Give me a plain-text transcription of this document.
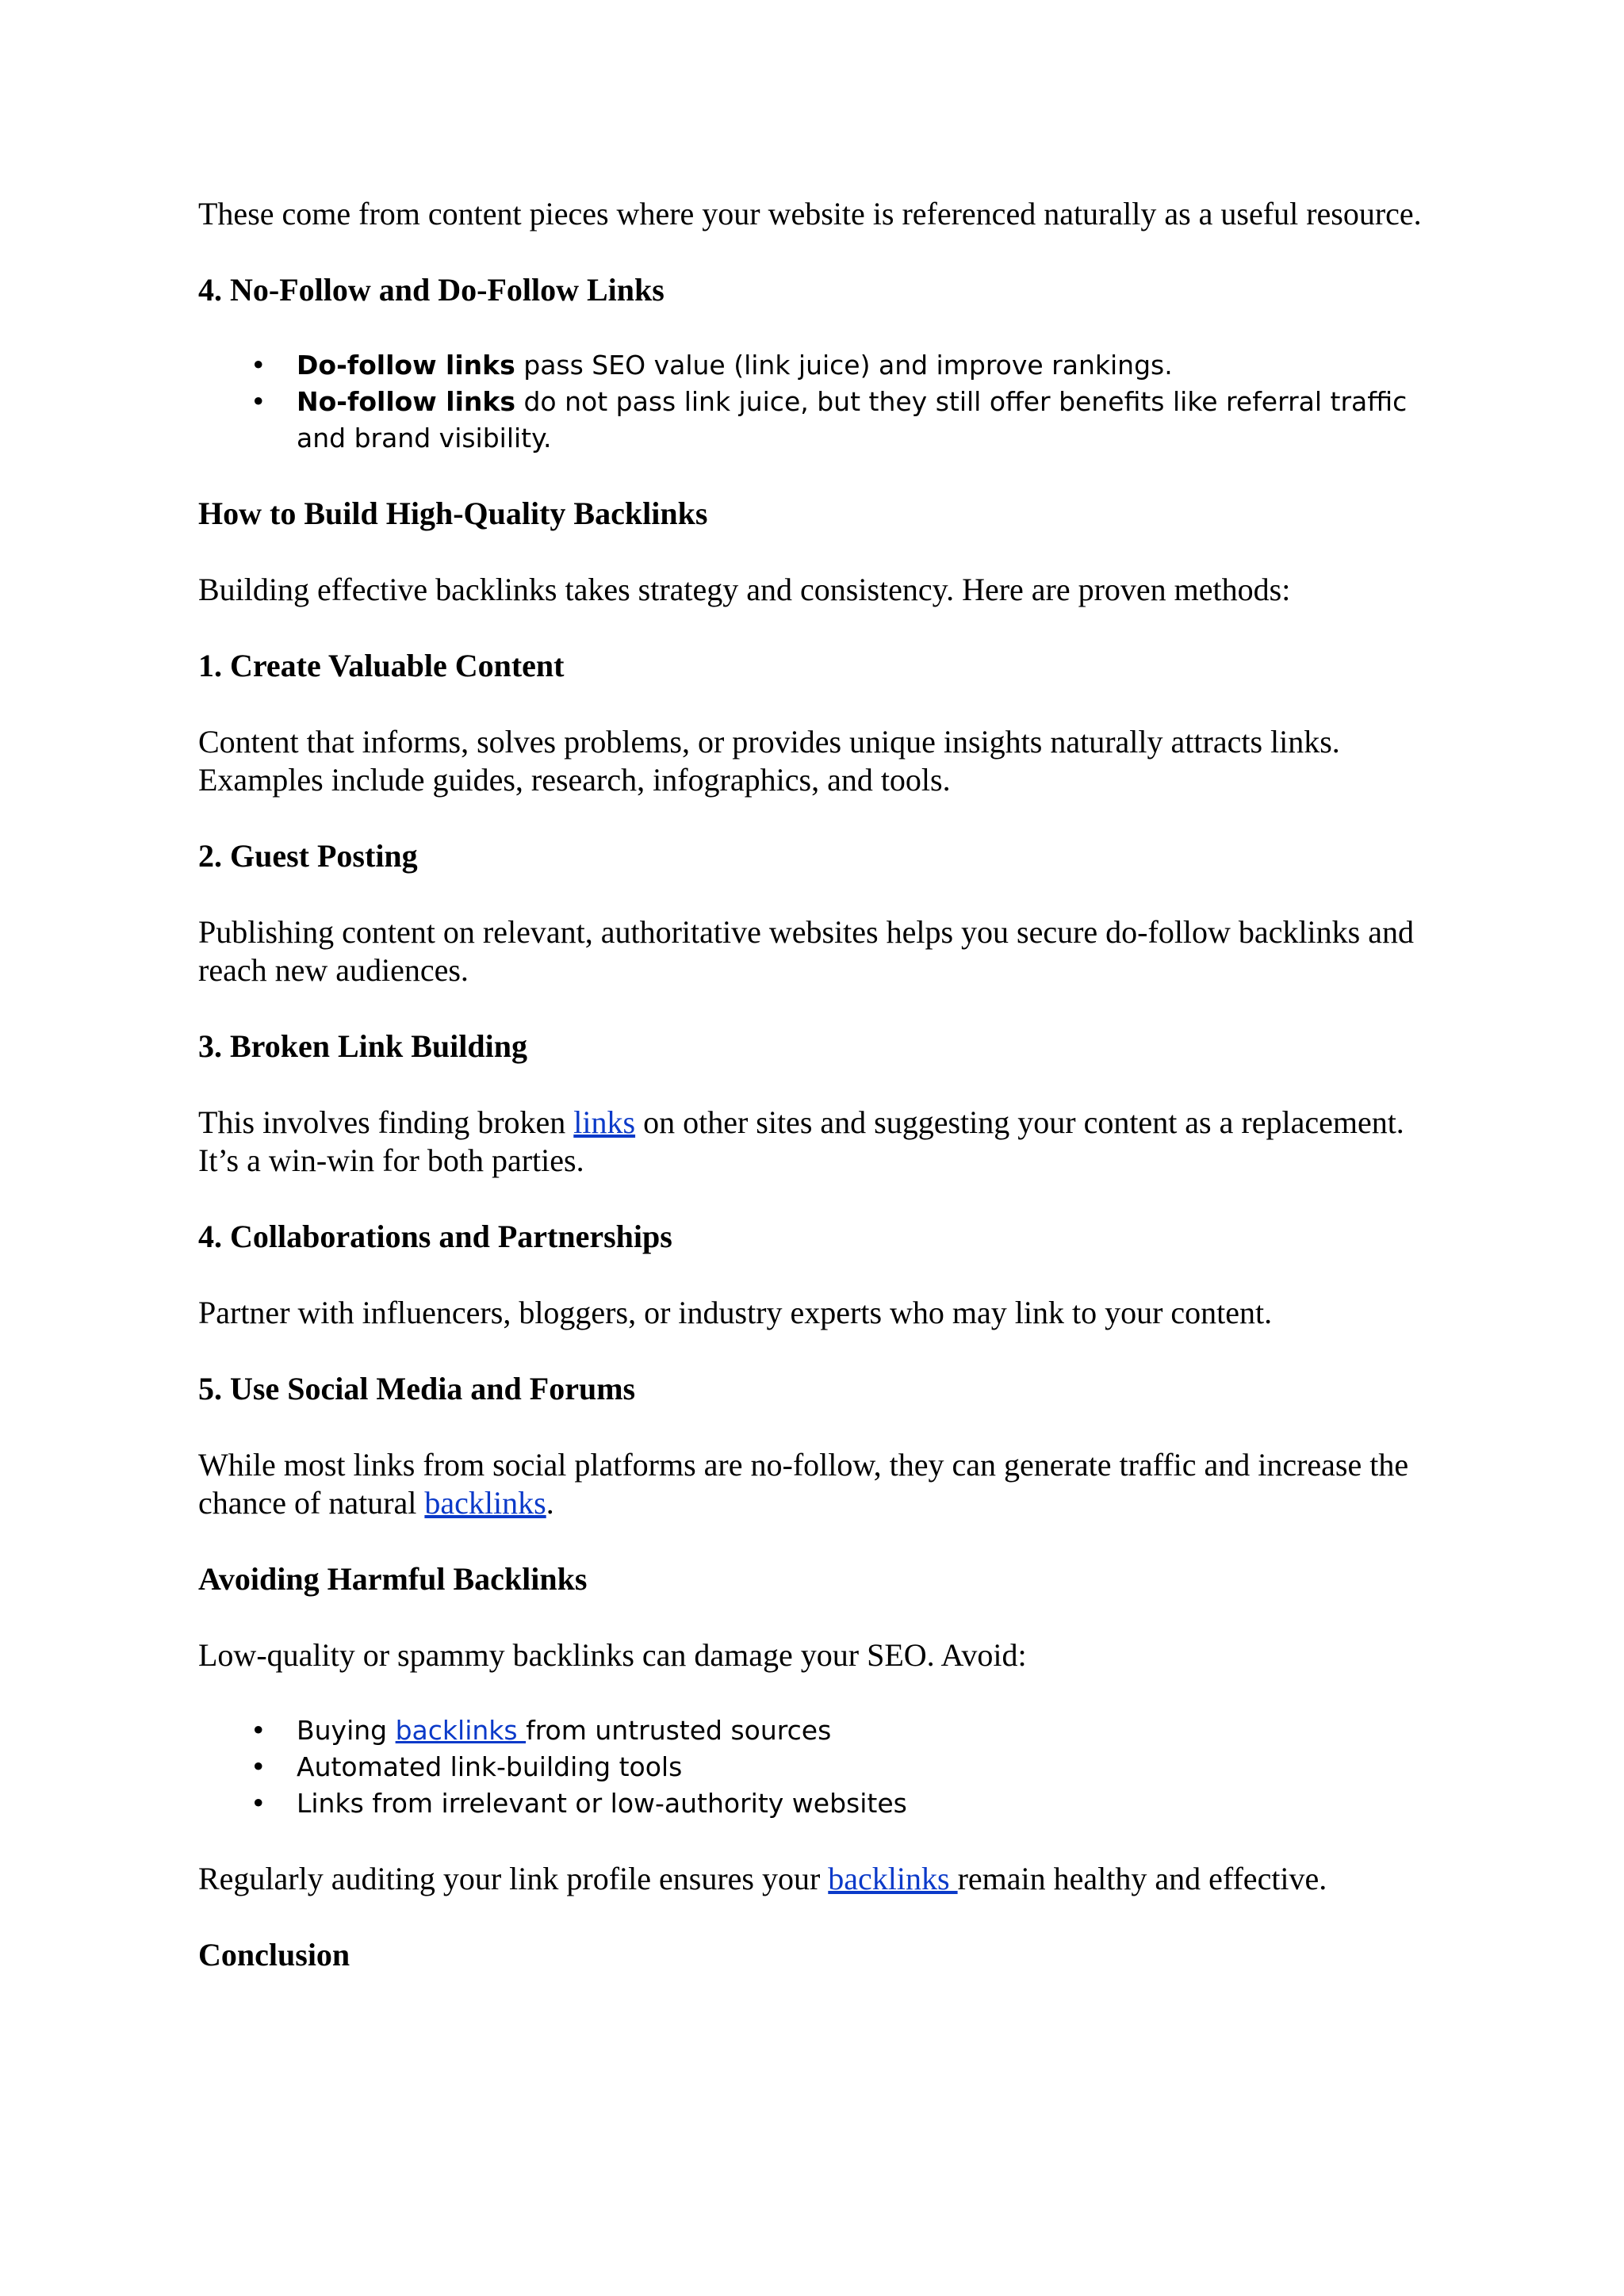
These come from content pieces where your website is referenced naturally as a useful resource.

4. No-Follow and Do-Follow Links
• Do-follow links pass SEO value (link juice) and improve rankings.
• No-follow links do not pass link juice, but they still offer benefits like referral traffic and brand visibility.
How to Build High-Quality Backlinks

Building effective backlinks takes strategy and consistency. Here are proven methods:

1. Create Valuable Content

Content that informs, solves problems, or provides unique insights naturally attracts links. Examples include guides, research, infographics, and tools.

2. Guest Posting

Publishing content on relevant, authoritative websites helps you secure do-follow backlinks and reach new audiences.

3. Broken Link Building

This involves finding broken links on other sites and suggesting your content as a replacement. It’s a win-win for both parties.

4. Collaborations and Partnerships

Partner with influencers, bloggers, or industry experts who may link to your content.

5. Use Social Media and Forums

While most links from social platforms are no-follow, they can generate traffic and increase the chance of natural backlinks.

Avoiding Harmful Backlinks

Low-quality or spammy backlinks can damage your SEO. Avoid:

• Buying backlinks from untrusted sources
• Automated link-building tools
• Links from irrelevant or low-authority websites

Regularly auditing your link profile ensures your backlinks remain healthy and effective.

Conclusion
